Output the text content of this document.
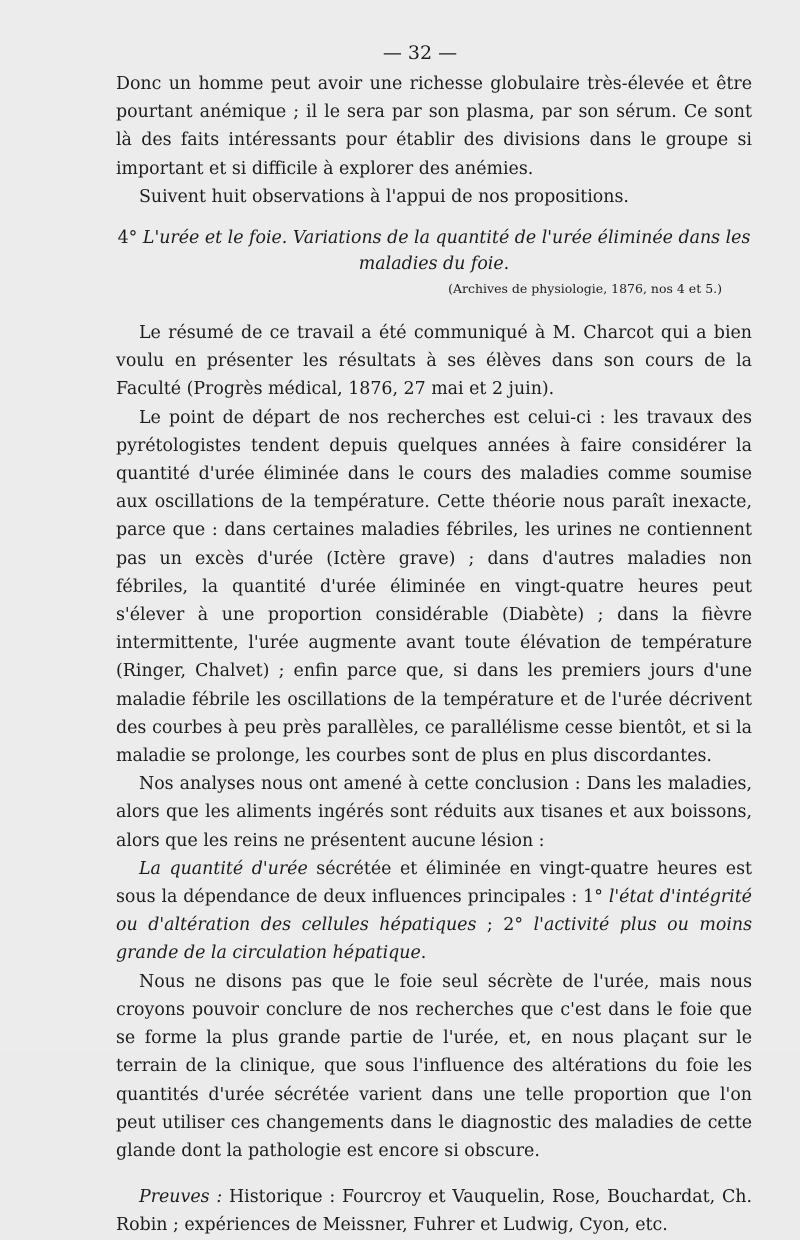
— 32 —

Donc un homme peut avoir une richesse globulaire très-élevée et être pourtant anémique ; il le sera par son plasma, par son sérum. Ce sont là des faits intéressants pour établir des divisions dans le groupe si important et si difficile à explorer des anémies.

Suivent huit observations à l'appui de nos propositions.

4° L'urée et le foie. Variations de la quantité de l'urée éliminée dans les maladies du foie.
(Archives de physiologie, 1876, nos 4 et 5.)

Le résumé de ce travail a été communiqué à M. Charcot qui a bien voulu en présenter les résultats à ses élèves dans son cours de la Faculté (Progrès médical, 1876, 27 mai et 2 juin).

Le point de départ de nos recherches est celui-ci : les travaux des pyrétologistes tendent depuis quelques années à faire considérer la quantité d'urée éliminée dans le cours des maladies comme soumise aux oscillations de la température. Cette théorie nous paraît inexacte, parce que : dans certaines maladies fébriles, les urines ne contiennent pas un excès d'urée (Ictère grave) ; dans d'autres maladies non fébriles, la quantité d'urée éliminée en vingt-quatre heures peut s'élever à une proportion considérable (Diabète) ; dans la fièvre intermittente, l'urée augmente avant toute élévation de température (Ringer, Chalvet) ; enfin parce que, si dans les premiers jours d'une maladie fébrile les oscillations de la température et de l'urée décrivent des courbes à peu près parallèles, ce parallélisme cesse bientôt, et si la maladie se prolonge, les courbes sont de plus en plus discordantes.

Nos analyses nous ont amené à cette conclusion : Dans les maladies, alors que les aliments ingérés sont réduits aux tisanes et aux boissons, alors que les reins ne présentent aucune lésion :

La quantité d'urée sécrétée et éliminée en vingt-quatre heures est sous la dépendance de deux influences principales : 1° l'état d'intégrité ou d'altération des cellules hépatiques ; 2° l'activité plus ou moins grande de la circulation hépatique.

Nous ne disons pas que le foie seul sécrète de l'urée, mais nous croyons pouvoir conclure de nos recherches que c'est dans le foie que se forme la plus grande partie de l'urée, et, en nous plaçant sur le terrain de la clinique, que sous l'influence des altérations du foie les quantités d'urée sécrétée varient dans une telle proportion que l'on peut utiliser ces changements dans le diagnostic des maladies de cette glande dont la pathologie est encore si obscure.

Preuves : Historique : Fourcroy et Vauquelin, Rose, Bouchardat, Ch. Robin ; expériences de Meissner, Fuhrer et Ludwig, Cyon, etc.
